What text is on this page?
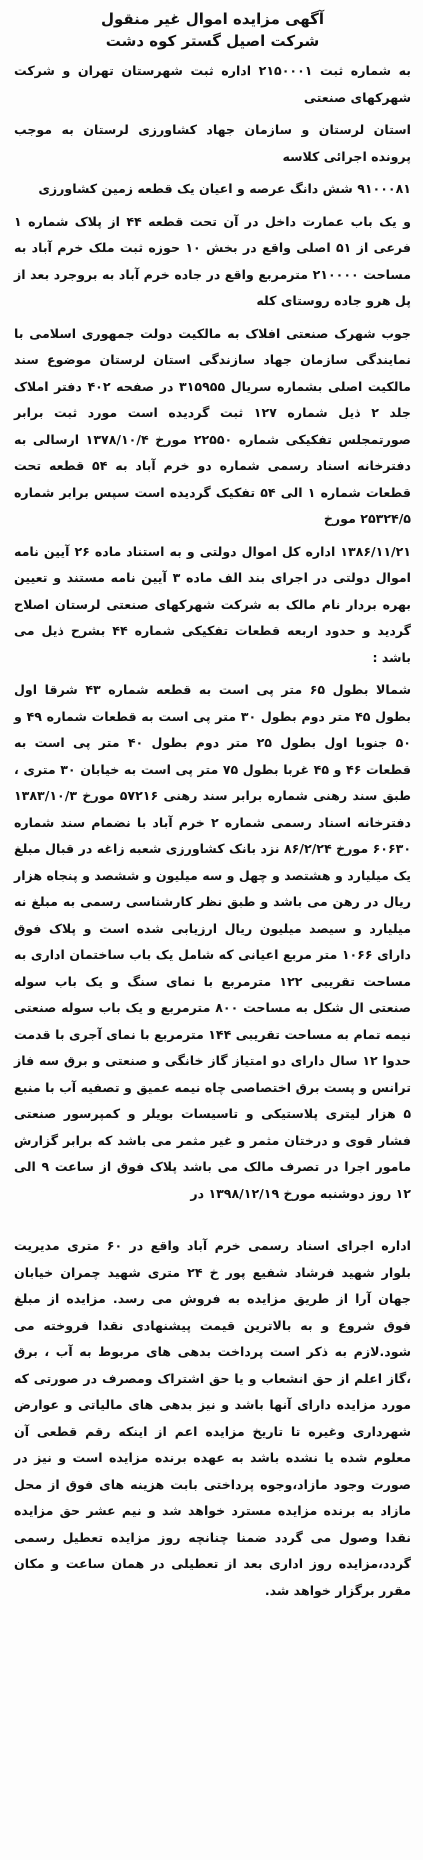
آگهی مزایده اموال غیر منقول
شرکت اصیل گستر کوه دشت

به شماره ثبت ۲۱۵۰۰۰۱ اداره ثبت شهرستان تهران و شرکت شهرکهای صنعتی

استان لرستان و سازمان جهاد کشاورزی لرستان به موجب پرونده اجرائی کلاسه

۹۱۰۰۰۸۱ شش دانگ عرصه و اعیان یک قطعه زمین کشاورزی

و یک باب عمارت داخل در آن تحت قطعه ۴۴ از پلاک شماره ۱ فرعی از ۵۱ اصلی واقع در بخش ۱۰ حوزه ثبت ملک خرم آباد به مساحت ۲۱۰۰۰۰ مترمربع واقع در جاده خرم آباد به بروجرد بعد از پل هرو جاده روستای کله

جوب شهرک صنعتی افلاک به مالکیت دولت جمهوری اسلامی با نمایندگی سازمان جهاد سازندگی استان لرستان موضوع سند مالکیت اصلی بشماره سریال ۳۱۵۹۵۵ در صفحه ۴۰۲ دفتر املاک جلد ۲ ذیل شماره ۱۲۷ ثبت گردیده است مورد ثبت برابر صورتمجلس تفکیکی شماره ۲۲۵۵۰ مورخ ۱۳۷۸/۱۰/۴ ارسالی به دفترخانه اسناد رسمی شماره دو خرم آباد به ۵۴ قطعه تحت قطعات شماره ۱ الی ۵۴ تفکیک گردیده است سپس برابر شماره ۲۵۳۲۴/۵ مورخ

۱۳۸۶/۱۱/۲۱ اداره کل اموال دولتی و به استناد ماده ۲۶ آیین نامه اموال دولتی در اجرای بند الف ماده ۳ آیین نامه مستند و تعیین بهره بردار نام مالک به شرکت شهرکهای صنعتی لرستان اصلاح گردید و حدود اربعه قطعات تفکیکی شماره ۴۴ بشرح ذیل می باشد :

شمالا بطول ۶۵ متر پی است به قطعه شماره ۴۳ شرقا اول بطول ۴۵ متر دوم بطول ۳۰ متر پی است به قطعات شماره ۴۹ و ۵۰ جنوبا اول بطول ۲۵ متر دوم بطول ۴۰ متر پی است به قطعات ۴۶ و ۴۵ غربا بطول ۷۵ متر پی است به خیابان ۳۰ متری ، طبق سند رهنی شماره برابر سند رهنی ۵۷۲۱۶ مورخ ۱۳۸۳/۱۰/۳ دفترخانه اسناد رسمی شماره ۲ خرم آباد با نضمام سند شماره ۶۰۶۳۰ مورخ ۸۶/۲/۲۴ نزد بانک کشاورزی شعبه زاغه در قبال مبلغ یک میلیارد و هشتصد و چهل و سه میلیون و ششصد و پنجاه هزار ریال در رهن می باشد و طبق نظر کارشناسی رسمی به مبلغ نه میلیارد و سیصد میلیون ریال ارزیابی شده است و پلاک فوق دارای ۱۰۶۶ متر مربع اعیانی که شامل یک باب ساختمان اداری به مساحت تقریبی ۱۲۲ مترمربع با نمای سنگ و یک باب سوله صنعتی ال شکل به مساحت ۸۰۰ مترمربع و یک باب سوله صنعتی نیمه تمام به مساحت تقریبی ۱۴۴ مترمربع با نمای آجری با قدمت حدوا ۱۲ سال دارای دو امتیاز گاز خانگی و صنعتی و برق سه فاز ترانس و پست برق اختصاصی چاه نیمه عمیق و تصفیه آب با منبع ۵ هزار لیتری پلاستیکی و تاسیسات بویلر و کمپرسور صنعتی فشار قوی و درختان مثمر و غیر مثمر می باشد که برابر گزارش مامور اجرا در تصرف مالک می باشد پلاک فوق از ساعت ۹ الی ۱۲ روز دوشنبه مورخ ۱۳۹۸/۱۲/۱۹ در

اداره اجرای اسناد رسمی خرم آباد واقع در ۶۰ متری مدیریت بلوار شهید فرشاد شفیع پور خ ۲۴ متری شهید چمران خیابان جهان آرا از طریق مزایده به فروش می رسد. مزایده از مبلغ فوق شروع و به بالاترین قیمت پیشنهادی نقدا فروخته می شود.لازم به ذکر است پرداخت بدهی های مربوط به آب ، برق ،گاز اعلم از حق انشعاب و یا حق اشتراک ومصرف در صورتی که مورد مزایده دارای آنها باشد و نیز بدهی های مالیاتی و عوارض شهرداری وغیره تا تاریخ مزایده اعم از اینکه رقم قطعی آن معلوم شده یا نشده باشد به عهده برنده مزایده است و نیز در صورت وجود مازاد،وجوه پرداختی بابت هزینه های فوق از محل مازاد به برنده مزایده مسترد خواهد شد و نیم عشر حق مزایده نقدا وصول می گردد ضمنا چنانچه روز مزایده تعطیل رسمی گردد،مزایده روز اداری بعد از تعطیلی در همان ساعت و مکان مقرر برگزار خواهد شد.
